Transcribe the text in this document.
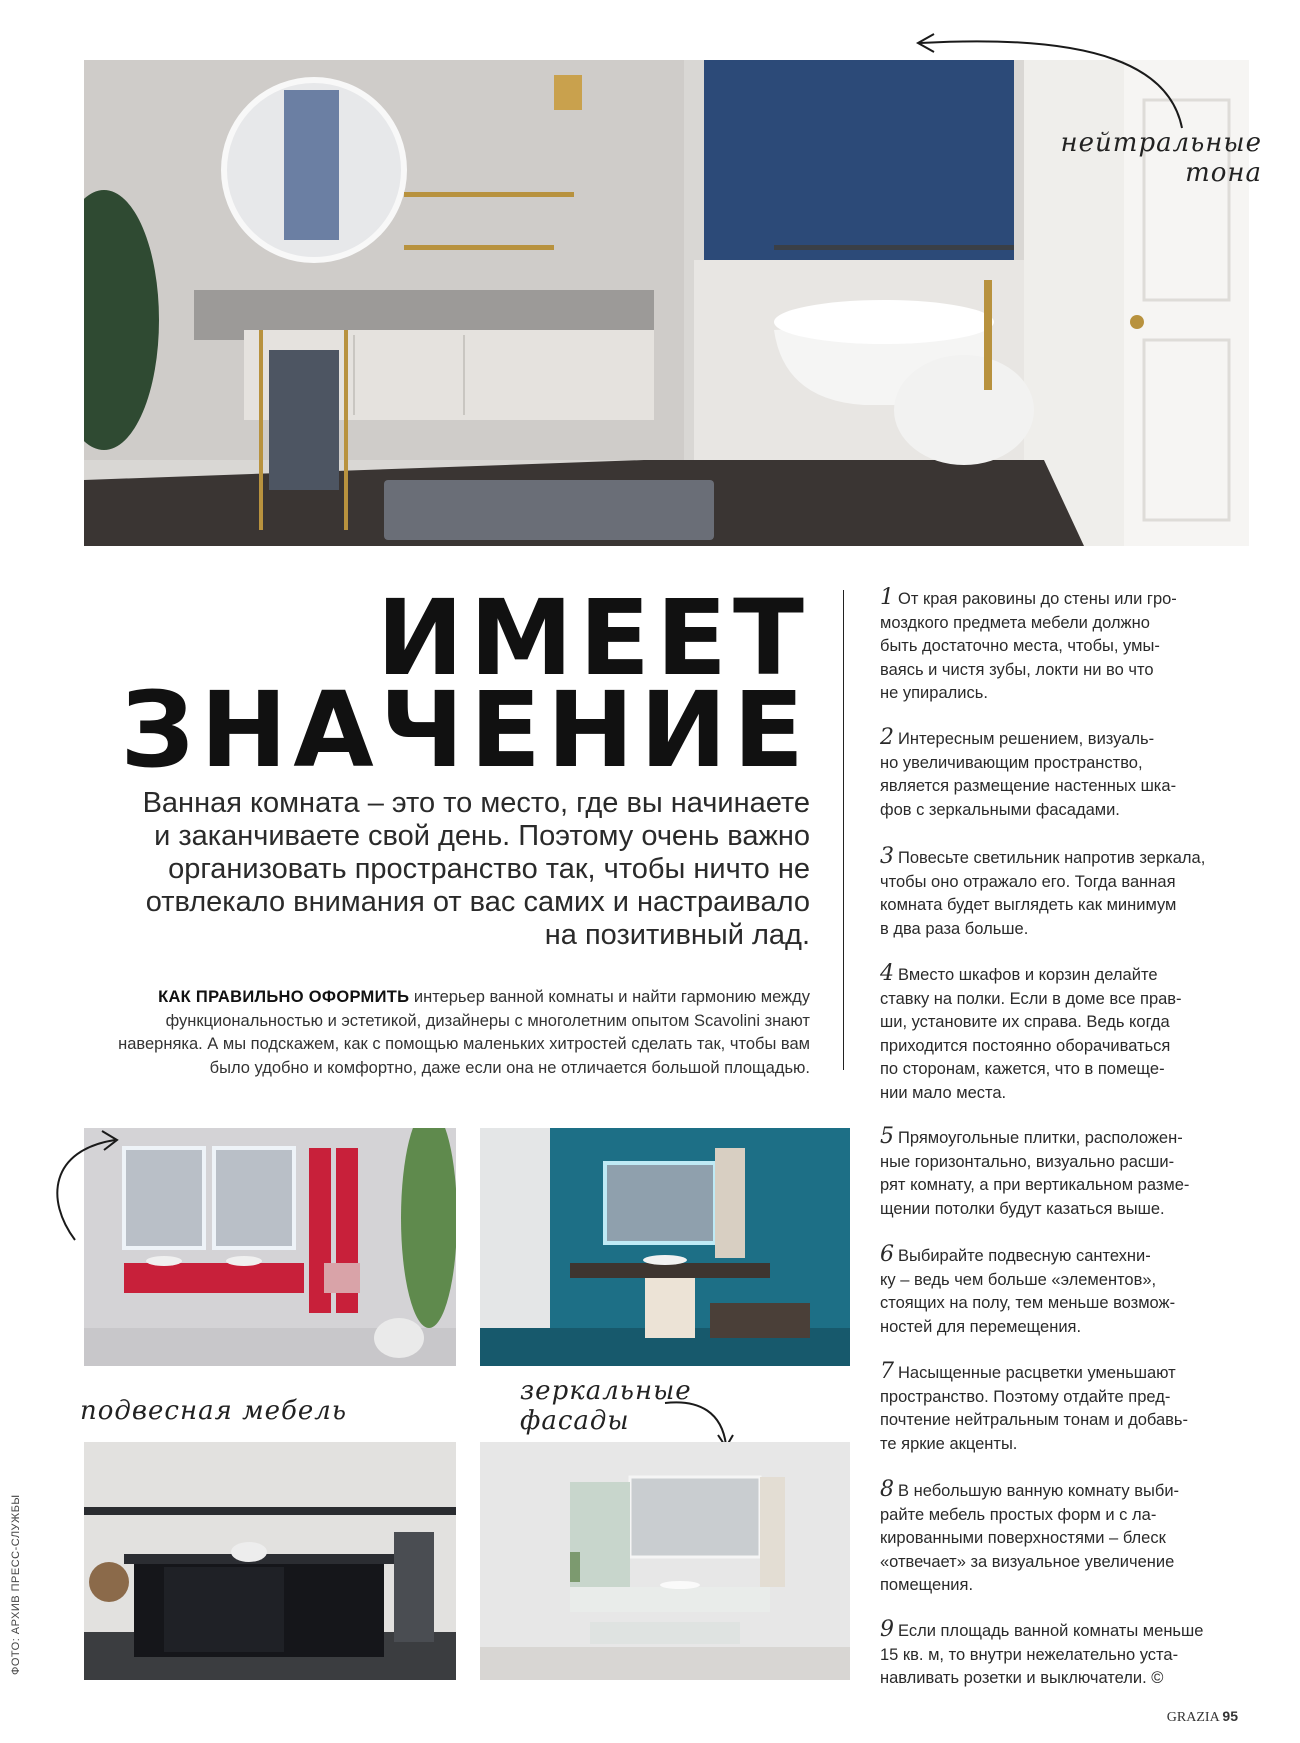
нейтральные
тона
ИМЕЕТ
ЗНАЧЕНИЕ
Ванная комната – это то место, где вы начинаете и заканчиваете свой день. Поэтому очень важно организовать пространство так, чтобы ничто не отвлекало внимания от вас самих и настраивало на позитивный лад.
КАК ПРАВИЛЬНО ОФОРМИТЬ интерьер ванной комнаты и найти гармонию между функциональностью и эстетикой, дизайнеры с многолетним опытом Scavolini знают наверняка. А мы подскажем, как с помощью маленьких хитростей сделать так, чтобы вам было удобно и комфортно, даже если она не отличается большой площадью.
1 От края раковины до стены или гро-
моздкого предмета мебели должно
быть достаточно места, чтобы, умы-
ваясь и чистя зубы, локти ни во что
не упирались.
2 Интересным решением, визуаль-
но увеличивающим пространство,
является размещение настенных шка-
фов с зеркальными фасадами.
3 Повесьте светильник напротив зеркала,
чтобы оно отражало его. Тогда ванная
комната будет выглядеть как минимум
в два раза больше.
4 Вместо шкафов и корзин делайте
ставку на полки. Если в доме все прав-
ши, установите их справа. Ведь когда
приходится постоянно оборачиваться
по сторонам, кажется, что в помеще-
нии мало места.
5 Прямоугольные плитки, расположен-
ные горизонтально, визуально расши-
рят комнату, а при вертикальном разме-
щении потолки будут казаться выше.
6 Выбирайте подвесную сантехни-
ку – ведь чем больше «элементов»,
стоящих на полу, тем меньше возмож-
ностей для перемещения.
7 Насыщенные расцветки уменьшают
пространство. Поэтому отдайте пред-
почтение нейтральным тонам и добавь-
те яркие акценты.
8 В небольшую ванную комнату выби-
райте мебель простых форм и с ла-
кированными поверхностями – блеск
«отвечает» за визуальное увеличение
помещения.
9 Если площадь ванной комнаты меньше
15 кв. м, то внутри нежелательно уста-
навливать розетки и выключатели. ©
подвесная мебель
зеркальные
фасады
ФОТО: АРХИВ ПРЕСС-СЛУЖБЫ
GRAZIA 95
